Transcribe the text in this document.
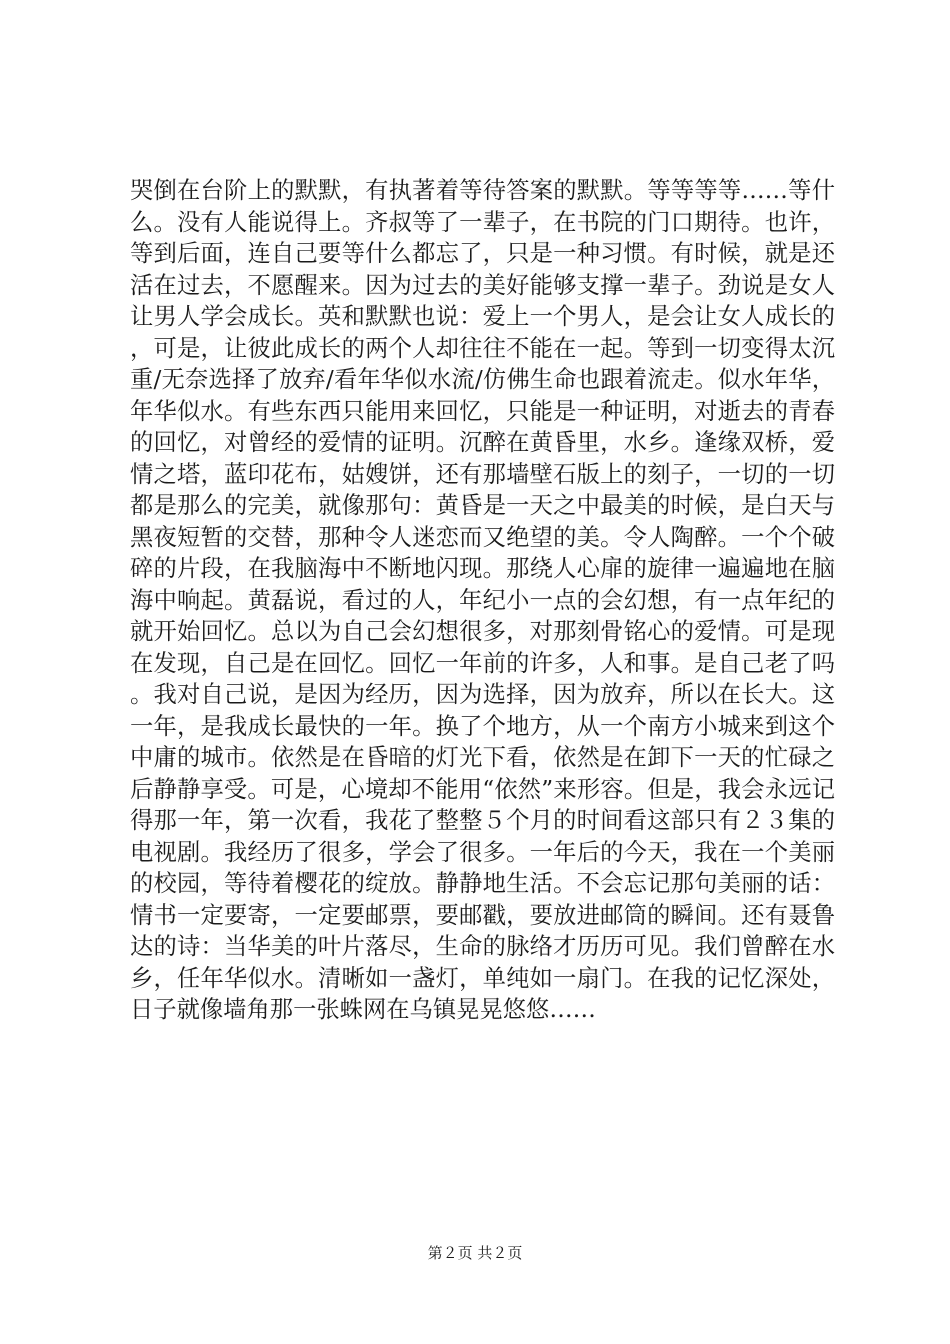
哭倒在台阶上的默默，有执著着等待答案的默默。等等等等……等什么。没有人能说得上。齐叔等了一辈子，在书院的门口期待。也许，等到后面，连自己要等什么都忘了，只是一种习惯。有时候，就是还活在过去，不愿醒来。因为过去的美好能够支撑一辈子。劲说是女人让男人学会成长。英和默默也说：爱上一个男人，是会让女人成长的，可是，让彼此成长的两个人却往往不能在一起。等到一切变得太沉重/无奈选择了放弃/看年华似水流/仿佛生命也跟着流走。似水年华，年华似水。有些东西只能用来回忆，只能是一种证明，对逝去的青春的回忆，对曾经的爱情的证明。沉醉在黄昏里，水乡。逢缘双桥，爱情之塔，蓝印花布，姑嫂饼，还有那墙壁石版上的刻子，一切的一切都是那么的完美，就像那句：黄昏是一天之中最美的时候，是白天与黑夜短暂的交替，那种令人迷恋而又绝望的美。令人陶醉。一个个破碎的片段，在我脑海中不断地闪现。那绕人心扉的旋律一遍遍地在脑海中响起。黄磊说，看过的人，年纪小一点的会幻想，有一点年纪的就开始回忆。总以为自己会幻想很多，对那刻骨铭心的爱情。可是现在发现，自己是在回忆。回忆一年前的许多，人和事。是自己老了吗。我对自己说，是因为经历，因为选择，因为放弃，所以在长大。这一年，是我成长最快的一年。换了个地方，从一个南方小城来到这个中庸的城市。依然是在昏暗的灯光下看，依然是在卸下一天的忙碌之后静静享受。可是，心境却不能用“依然”来形容。但是，我会永远记得那一年，第一次看，我花了整整５个月的时间看这部只有２３集的电视剧。我经历了很多，学会了很多。一年后的今天，我在一个美丽的校园，等待着樱花的绽放。静静地生活。不会忘记那句美丽的话：情书一定要寄，一定要邮票，要邮戳，要放进邮筒的瞬间。还有聂鲁达的诗：当华美的叶片落尽，生命的脉络才历历可见。我们曾醉在水乡，任年华似水。清晰如一盏灯，单纯如一扇门。在我的记忆深处，日子就像墙角那一张蛛网在乌镇晃晃悠悠……

第２页 共２页
